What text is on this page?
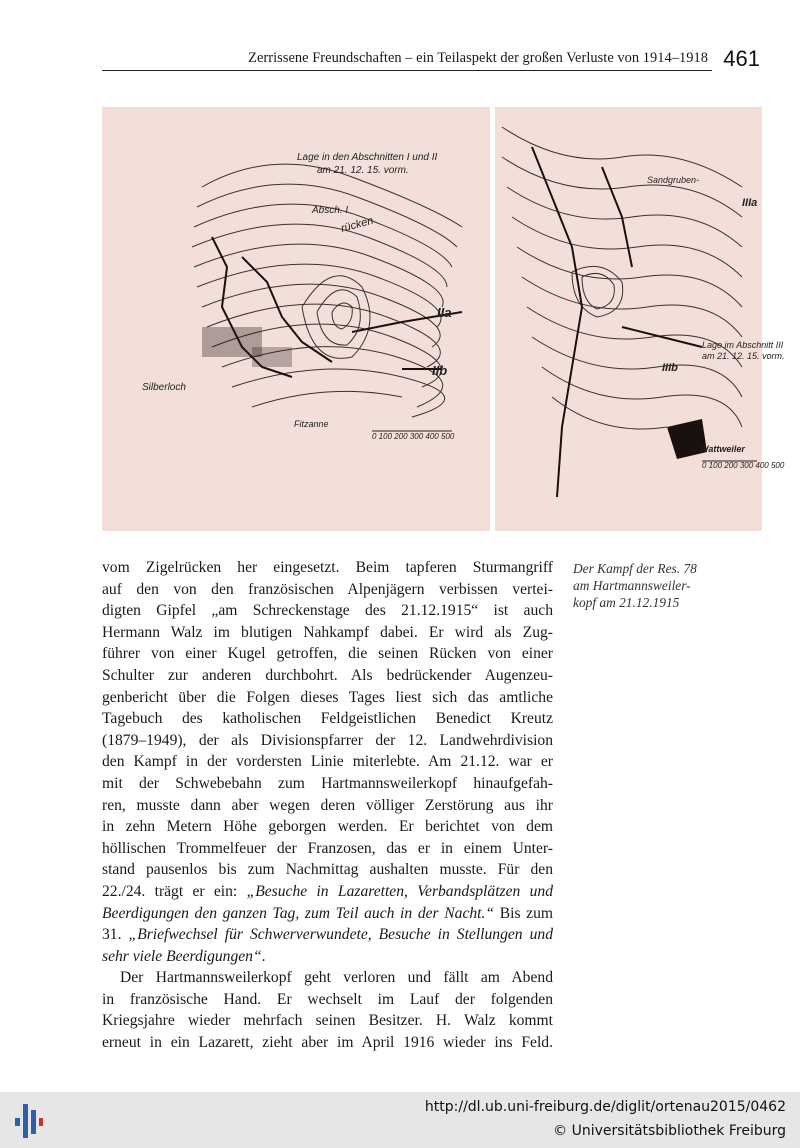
Zerrissene Freundschaften – ein Teilaspekt der großen Verluste von 1914–1918 461
Lage in den Abschnitten I und II
am 21. 12. 15. vorm.
Absch. I
rücken
IIa
IIb
Silberloch
Fitzanne
0 100 200 300 400 500
Lage im Abschnitt III
am 21. 12. 15. vorm.
IIIa
IIIb
Sandgruben-
Wattweiler
0 100 200 300 400 500
Der Kampf der Res. 78
am Hartmannsweiler-
kopf am 21.12.1915
vom Zigelrücken her eingesetzt. Beim tapferen Sturmangriff
auf den von den französischen Alpenjägern verbissen vertei-
digten Gipfel „am Schreckenstage des 21.12.1915“ ist auch
Hermann Walz im blutigen Nahkampf dabei. Er wird als Zug-
führer von einer Kugel getroffen, die seinen Rücken von einer
Schulter zur anderen durchbohrt. Als bedrückender Augenzeu-
genbericht über die Folgen dieses Tages liest sich das amtliche
Tagebuch des katholischen Feldgeistlichen Benedict Kreutz
(1879–1949), der als Divisionspfarrer der 12. Landwehrdivision
den Kampf in der vordersten Linie miterlebte. Am 21.12. war er
mit der Schwebebahn zum Hartmannsweilerkopf hinaufgefah-
ren, musste dann aber wegen deren völliger Zerstörung aus ihr
in zehn Metern Höhe geborgen werden. Er berichtet von dem
höllischen Trommelfeuer der Franzosen, das er in einem Unter-
stand pausenlos bis zum Nachmittag aushalten musste. Für den
22./24. trägt er ein: „Besuche in Lazaretten, Verbandsplätzen und
Beerdigungen den ganzen Tag, zum Teil auch in der Nacht.“ Bis zum
31. „Briefwechsel für Schwerverwundete, Besuche in Stellungen und
sehr viele Beerdigungen“.
Der Hartmannsweilerkopf geht verloren und fällt am Abend
in französische Hand. Er wechselt im Lauf der folgenden
Kriegsjahre wieder mehrfach seinen Besitzer. H. Walz kommt
erneut in ein Lazarett, zieht aber im April 1916 wieder ins Feld.
http://dl.ub.uni-freiburg.de/diglit/ortenau2015/0462
© Universitätsbibliothek Freiburg
